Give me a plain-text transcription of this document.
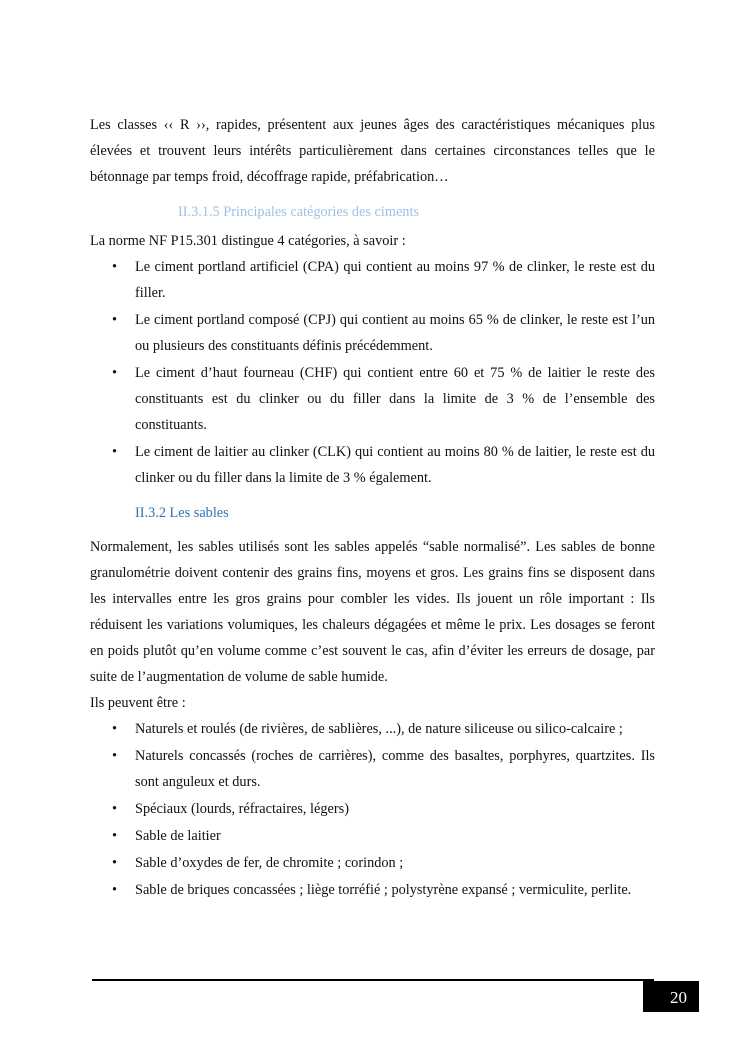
Les classes ‹‹ R ››, rapides, présentent aux jeunes âges des caractéristiques mécaniques plus élevées et trouvent leurs intérêts particulièrement dans certaines circonstances telles que le bétonnage par temps froid, décoffrage rapide, préfabrication…

II.3.1.5 Principales catégories des ciments

La norme NF P15.301 distingue 4 catégories, à savoir :

• Le ciment portland artificiel (CPA) qui contient au moins 97 % de clinker, le reste est du filler.
• Le ciment portland composé (CPJ) qui contient au moins 65 % de clinker, le reste est l’un ou plusieurs des constituants définis précédemment.
• Le ciment d’haut fourneau (CHF) qui contient entre 60 et 75 % de laitier le reste des constituants est du clinker ou du filler dans la limite de 3 % de l’ensemble des constituants.
• Le ciment de laitier au clinker (CLK) qui contient au moins 80 % de laitier, le reste est du clinker ou du filler dans la limite de 3 % également.
II.3.2 Les sables

Normalement, les sables utilisés sont les sables appelés “sable normalisé”. Les sables de bonne granulométrie doivent contenir des grains fins, moyens et gros. Les grains fins se disposent dans les intervalles entre les gros grains pour combler les vides. Ils jouent un rôle important : Ils réduisent les variations volumiques, les chaleurs dégagées et même le prix. Les dosages se feront en poids plutôt qu’en volume comme c’est souvent le cas, afin d’éviter les erreurs de dosage, par suite de l’augmentation de volume de sable humide.

Ils peuvent être :

• Naturels et roulés (de rivières, de sablières, ...), de nature siliceuse ou silico-calcaire ;
• Naturels concassés (roches de carrières), comme des basaltes, porphyres, quartzites. Ils sont anguleux et durs.
• Spéciaux (lourds, réfractaires, légers)
• Sable de laitier
• Sable d’oxydes de fer, de chromite ; corindon ;
• Sable de briques concassées ; liège torréfié ; polystyrène expansé ; vermiculite, perlite.
20
